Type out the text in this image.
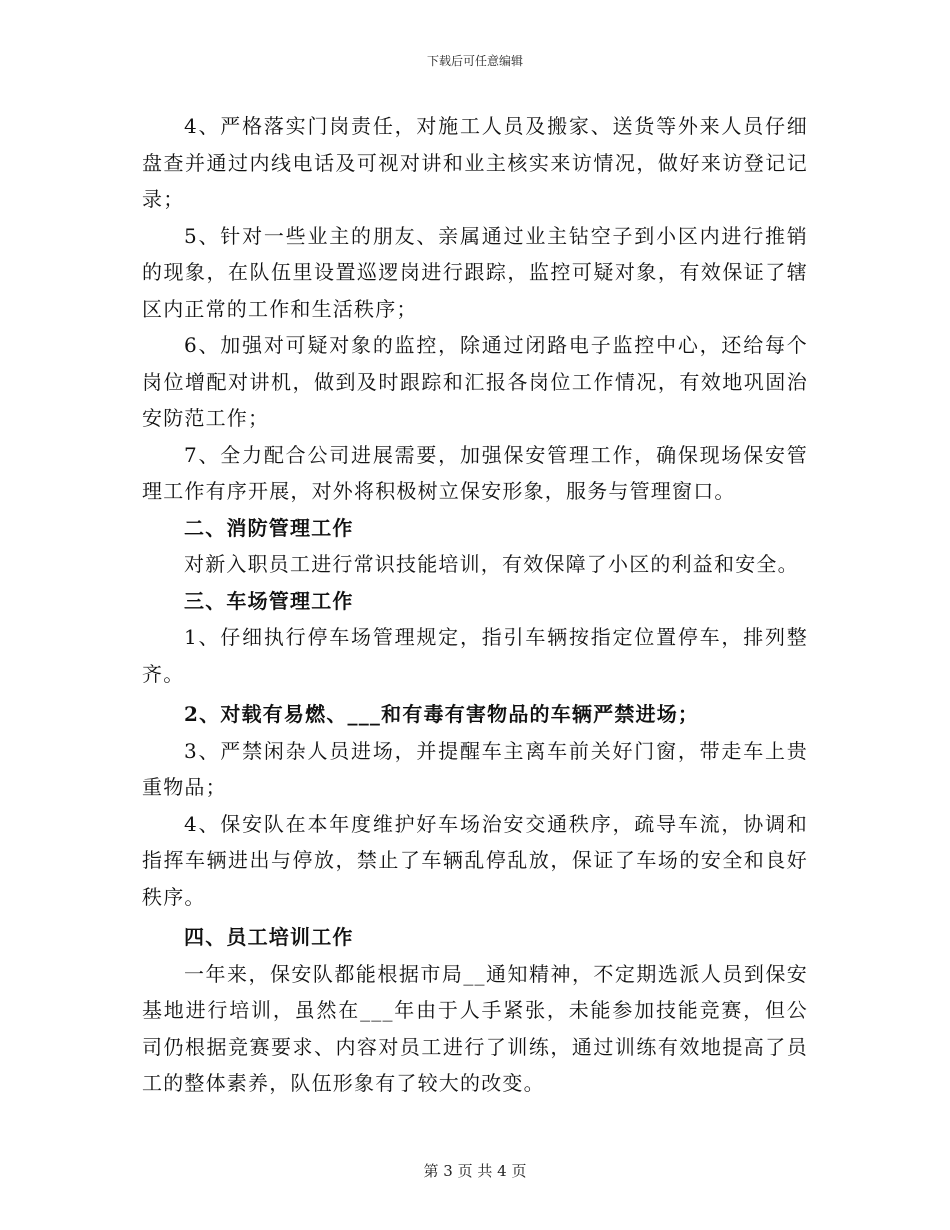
下载后可任意编辑

4、严格落实门岗责任，对施工人员及搬家、送货等外来人员仔细盘查并通过内线电话及可视对讲和业主核实来访情况，做好来访登记记录；

5、针对一些业主的朋友、亲属通过业主钻空子到小区内进行推销的现象，在队伍里设置巡逻岗进行跟踪，监控可疑对象，有效保证了辖区内正常的工作和生活秩序；

6、加强对可疑对象的监控，除通过闭路电子监控中心，还给每个岗位增配对讲机，做到及时跟踪和汇报各岗位工作情况，有效地巩固治安防范工作；

7、全力配合公司进展需要，加强保安管理工作，确保现场保安管理工作有序开展，对外将积极树立保安形象，服务与管理窗口。

二、消防管理工作

对新入职员工进行常识技能培训，有效保障了小区的利益和安全。

三、车场管理工作

1、仔细执行停车场管理规定，指引车辆按指定位置停车，排列整齐。

2、对载有易燃、___和有毒有害物品的车辆严禁进场；

3、严禁闲杂人员进场，并提醒车主离车前关好门窗，带走车上贵重物品；

4、保安队在本年度维护好车场治安交通秩序，疏导车流，协调和指挥车辆进出与停放，禁止了车辆乱停乱放，保证了车场的安全和良好秩序。

四、员工培训工作

一年来，保安队都能根据市局__通知精神，不定期选派人员到保安基地进行培训，虽然在___年由于人手紧张，未能参加技能竞赛，但公司仍根据竞赛要求、内容对员工进行了训练，通过训练有效地提高了员工的整体素养，队伍形象有了较大的改变。

第 3 页 共 4 页
